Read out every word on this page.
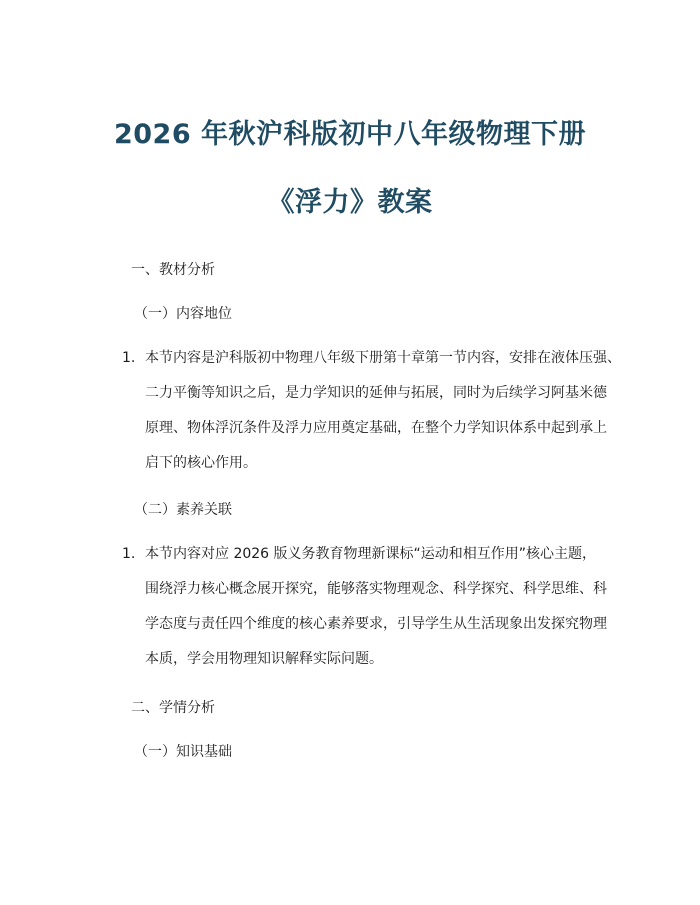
2026 年秋沪科版初中八年级物理下册
《浮力》教案
一、教材分析
（一）内容地位
1. 本节内容是沪科版初中物理八年级下册第十章第一节内容，安排在液体压强、
二力平衡等知识之后，是力学知识的延伸与拓展，同时为后续学习阿基米德
原理、物体浮沉条件及浮力应用奠定基础，在整个力学知识体系中起到承上
启下的核心作用。
（二）素养关联
1. 本节内容对应 2026 版义务教育物理新课标“运动和相互作用”核心主题，
围绕浮力核心概念展开探究，能够落实物理观念、科学探究、科学思维、科
学态度与责任四个维度的核心素养要求，引导学生从生活现象出发探究物理
本质，学会用物理知识解释实际问题。
二、学情分析
（一）知识基础
